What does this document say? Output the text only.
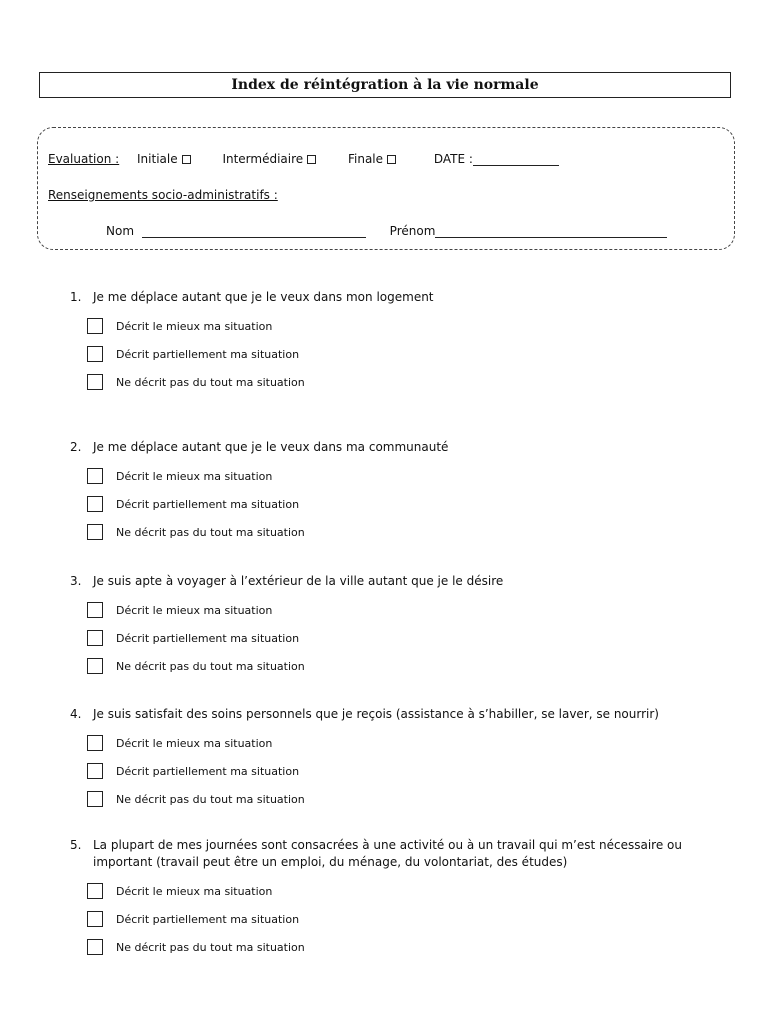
Index de réintégration à la vie normale
Evaluation : Initiale	Intermédiaire	Finale	DATE :
Renseignements socio-administratifs :
Nom	Prénom
1. Je me déplace autant que je le veux dans mon logement
Décrit le mieux ma situation
Décrit partiellement ma situation
Ne décrit pas du tout ma situation
2. Je me déplace autant que je le veux dans ma communauté
Décrit le mieux ma situation
Décrit partiellement ma situation
Ne décrit pas du tout ma situation
3. Je suis apte à voyager à l’extérieur de la ville autant que je le désire
Décrit le mieux ma situation
Décrit partiellement ma situation
Ne décrit pas du tout ma situation
4. Je suis satisfait des soins personnels que je reçois (assistance à s’habiller, se laver, se nourrir)
Décrit le mieux ma situation
Décrit partiellement ma situation
Ne décrit pas du tout ma situation
5. La plupart de mes journées sont consacrées à une activité ou à un travail qui m’est nécessaire ou important (travail peut être un emploi, du ménage, du volontariat, des études)
Décrit le mieux ma situation
Décrit partiellement ma situation
Ne décrit pas du tout ma situation
